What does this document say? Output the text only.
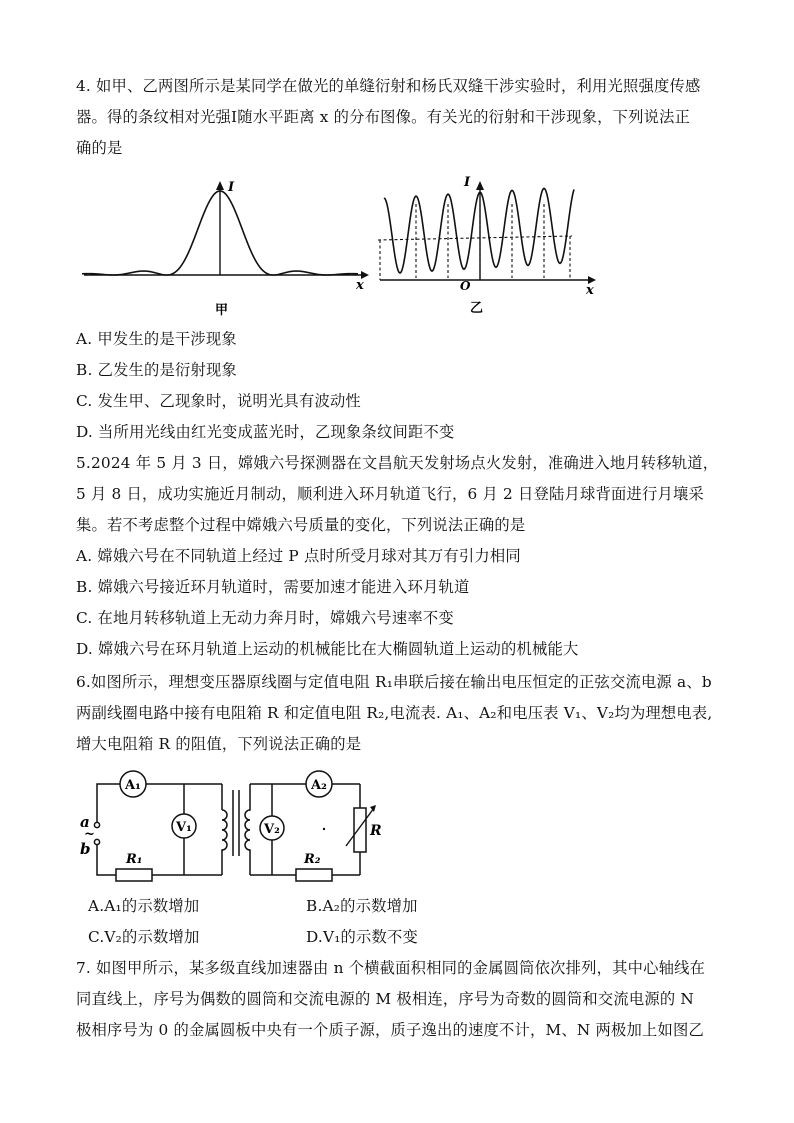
4. 如甲、乙两图所示是某同学在做光的单缝衍射和杨氏双缝干涉实验时，利用光照强度传感
器。得的条纹相对光强I随水平距离 x 的分布图像。有关光的衍射和干涉现象，下列说法正
确的是
I
x
甲
I
O	x
乙
A. 甲发生的是干涉现象
B. 乙发生的是衍射现象
C. 发生甲、乙现象时，说明光具有波动性
D. 当所用光线由红光变成蓝光时，乙现象条纹间距不变
5.2024 年 5 月 3 日，嫦娥六号探测器在文昌航天发射场点火发射，准确进入地月转移轨道，
5 月 8 日，成功实施近月制动，顺利进入环月轨道飞行，6 月 2 日登陆月球背面进行月壤采
集。若不考虑整个过程中嫦娥六号质量的变化，下列说法正确的是
A. 嫦娥六号在不同轨道上经过 P 点时所受月球对其万有引力相同
B. 嫦娥六号接近环月轨道时，需要加速才能进入环月轨道
C. 在地月转移轨道上无动力奔月时，嫦娥六号速率不变
D. 嫦娥六号在环月轨道上运动的机械能比在大椭圆轨道上运动的机械能大
6.如图所示，理想变压器原线圈与定值电阻 R₁串联后接在输出电压恒定的正弦交流电源 a、b
两副线圈电路中接有电阻箱 R 和定值电阻 R₂,电流表. A₁、A₂和电压表 V₁、V₂均为理想电表,
增大电阻箱 R 的阻值，下列说法正确的是
A₁
V₁
R₁
A₂
V₂
R₂
R
a
~
b
A.A₁的示数增加	B.A₂的示数增加
C.V₂的示数增加	D.V₁的示数不变
7. 如图甲所示，某多级直线加速器由 n 个横截面积相同的金属圆筒依次排列，其中心轴线在
同直线上，序号为偶数的圆筒和交流电源的 M 极相连，序号为奇数的圆筒和交流电源的 N
极相序号为 0 的金属圆板中央有一个质子源，质子逸出的速度不计，M、N 两极加上如图乙
